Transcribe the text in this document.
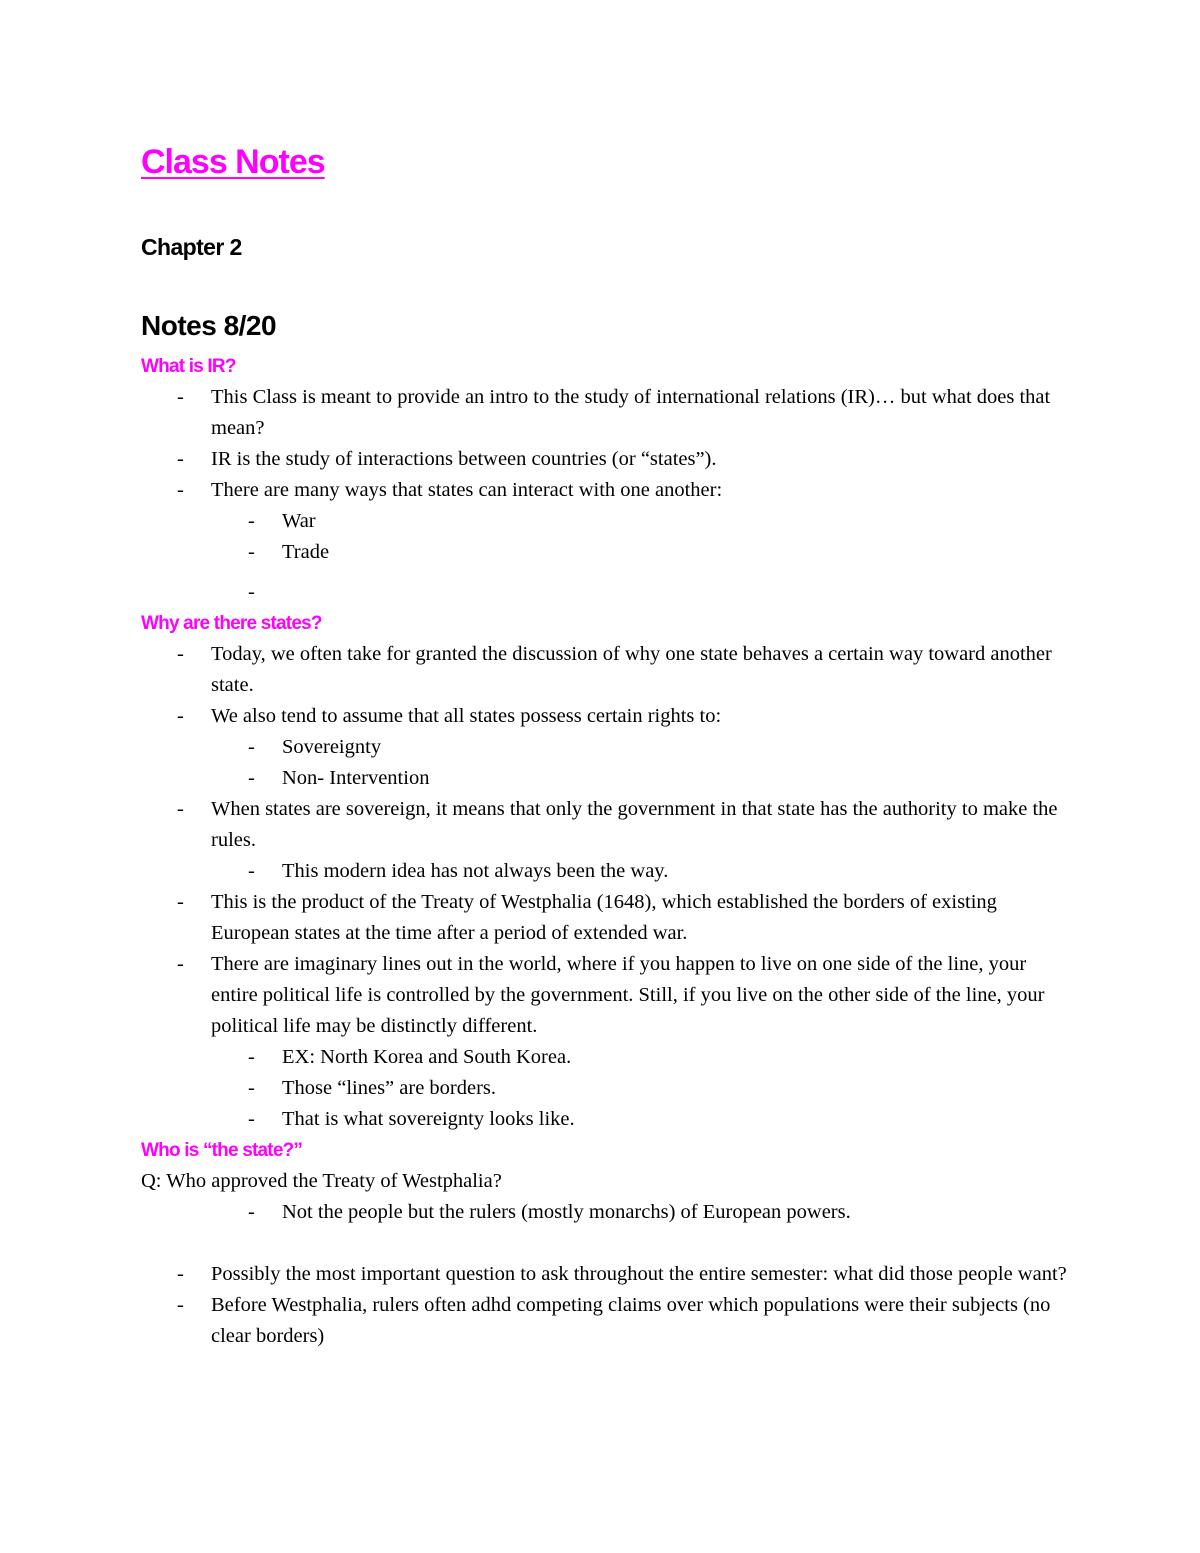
Class Notes
Chapter 2
Notes 8/20
What is IR?
- This Class is meant to provide an intro to the study of international relations (IR)… but what does that mean?
- IR is the study of interactions between countries (or “states”).
- There are many ways that states can interact with one another:
- War
- Trade
-
Why are there states?
- Today, we often take for granted the discussion of why one state behaves a certain way toward another state.
- We also tend to assume that all states possess certain rights to:
- Sovereignty
- Non- Intervention
- When states are sovereign, it means that only the government in that state has the authority to make the rules.
- This modern idea has not always been the way.
- This is the product of the Treaty of Westphalia (1648), which established the borders of existing European states at the time after a period of extended war.
- There are imaginary lines out in the world, where if you happen to live on one side of the line, your entire political life is controlled by the government. Still, if you live on the other side of the line, your political life may be distinctly different.
- EX: North Korea and South Korea.
- Those “lines” are borders.
- That is what sovereignty looks like.
Who is “the state?”
Q: Who approved the Treaty of Westphalia?
- Not the people but the rulers (mostly monarchs) of European powers.
- Possibly the most important question to ask throughout the entire semester: what did those people want?
- Before Westphalia, rulers often adhd competing claims over which populations were their subjects (no clear borders)
